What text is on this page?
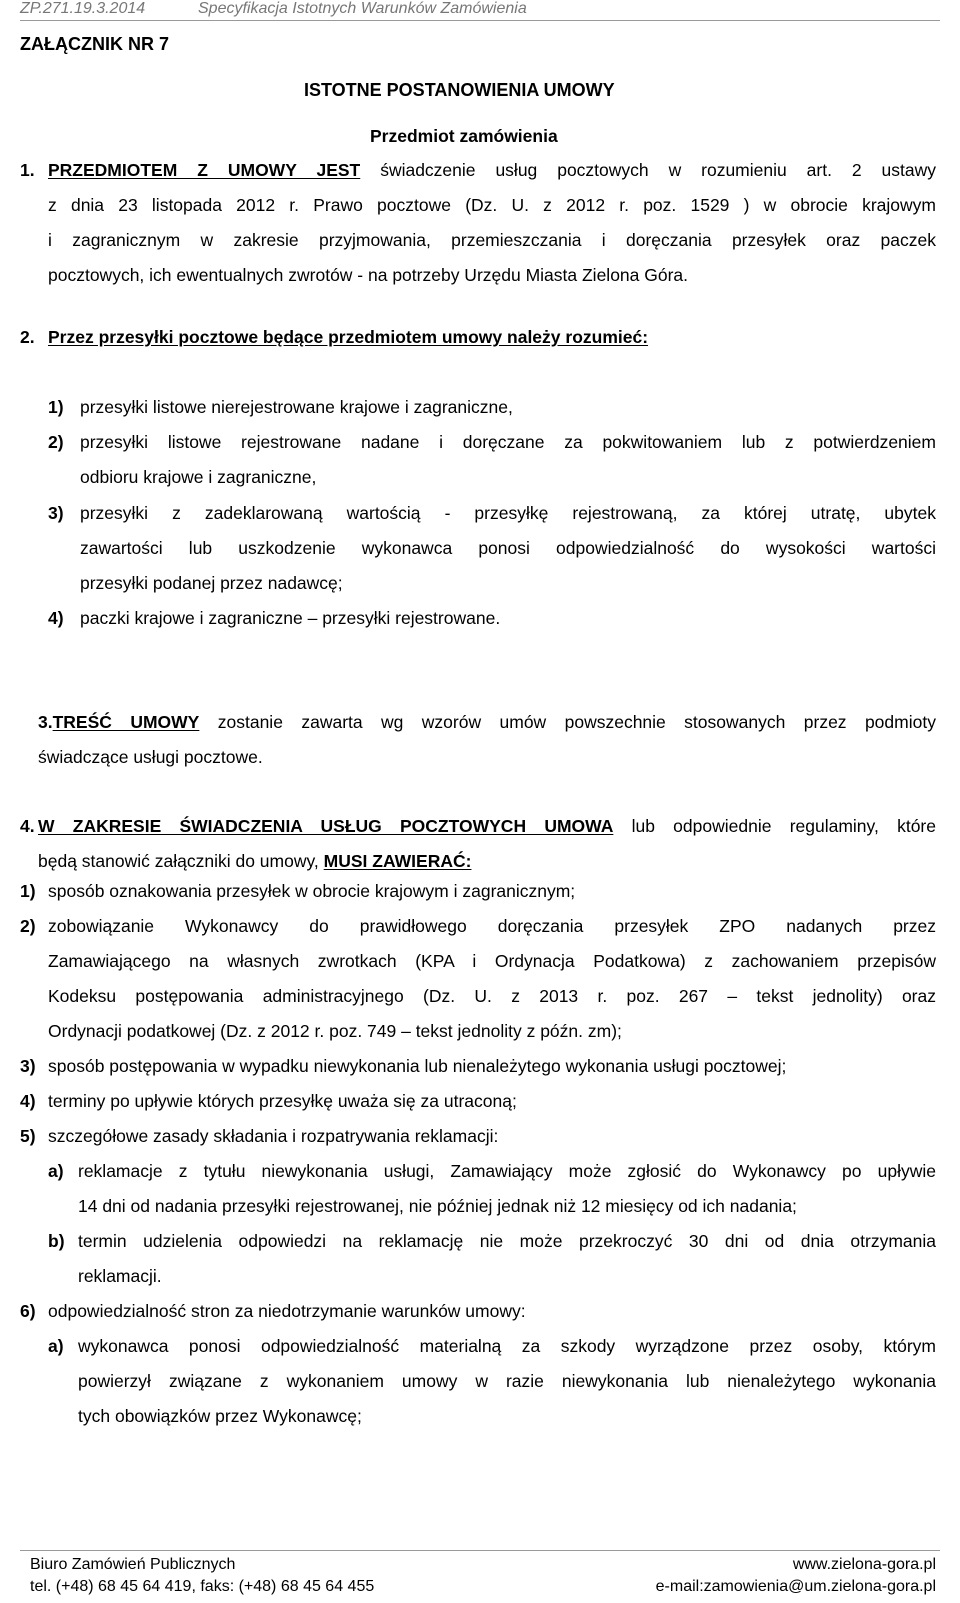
ZP.271.19.3.2014	Specyfikacja Istotnych Warunków Zamówienia
ZAŁĄCZNIK NR 7
ISTOTNE POSTANOWIENIA UMOWY
Przedmiot zamówienia
1. PRZEDMIOTEM Z UMOWY JEST świadczenie usług pocztowych w rozumieniu art. 2 ustawy
z dnia 23 listopada 2012 r. Prawo pocztowe (Dz. U. z 2012 r. poz. 1529 ) w obrocie krajowym
i zagranicznym w zakresie przyjmowania, przemieszczania i doręczania przesyłek oraz paczek
pocztowych, ich ewentualnych zwrotów - na potrzeby Urzędu Miasta Zielona Góra.
2. Przez przesyłki pocztowe będące przedmiotem umowy należy rozumieć:
1) przesyłki listowe nierejestrowane krajowe i zagraniczne,
2) przesyłki listowe rejestrowane nadane i doręczane za pokwitowaniem lub z potwierdzeniem
odbioru krajowe i zagraniczne,
3) przesyłki z zadeklarowaną wartością - przesyłkę rejestrowaną, za której utratę, ubytek
zawartości lub uszkodzenie wykonawca ponosi odpowiedzialność do wysokości wartości
przesyłki podanej przez nadawcę;
4) paczki krajowe i zagraniczne – przesyłki rejestrowane.
3.TREŚĆ UMOWY zostanie zawarta wg wzorów umów powszechnie stosowanych przez podmioty
świadczące usługi pocztowe.
4. W ZAKRESIE ŚWIADCZENIA USŁUG POCZTOWYCH UMOWA lub odpowiednie regulaminy, które
będą stanowić załączniki do umowy, MUSI ZAWIERAĆ:
1) sposób oznakowania przesyłek w obrocie krajowym i zagranicznym;
2) zobowiązanie Wykonawcy do prawidłowego doręczania przesyłek ZPO nadanych przez
Zamawiającego na własnych zwrotkach (KPA i Ordynacja Podatkowa) z zachowaniem przepisów
Kodeksu postępowania administracyjnego (Dz. U. z 2013 r. poz. 267 – tekst jednolity) oraz
Ordynacji podatkowej (Dz. z 2012 r. poz. 749 – tekst jednolity z późn. zm);
3) sposób postępowania w wypadku niewykonania lub nienależytego wykonania usługi pocztowej;
4) terminy po upływie których przesyłkę uważa się za utraconą;
5) szczegółowe zasady składania i rozpatrywania reklamacji:
a) reklamacje z tytułu niewykonania usługi, Zamawiający może zgłosić do Wykonawcy po upływie
14 dni od nadania przesyłki rejestrowanej, nie później jednak niż 12 miesięcy od ich nadania;
b) termin udzielenia odpowiedzi na reklamację nie może przekroczyć 30 dni od dnia otrzymania
reklamacji.
6) odpowiedzialność stron za niedotrzymanie warunków umowy:
a) wykonawca ponosi odpowiedzialność materialną za szkody wyrządzone przez osoby, którym
powierzył związane z wykonaniem umowy w razie niewykonania lub nienależytego wykonania
tych obowiązków przez Wykonawcę;
Biuro Zamówień Publicznych
tel. (+48) 68 45 64 419, faks: (+48) 68 45 64 455
www.zielona-gora.pl
e-mail:zamowienia@um.zielona-gora.pl
